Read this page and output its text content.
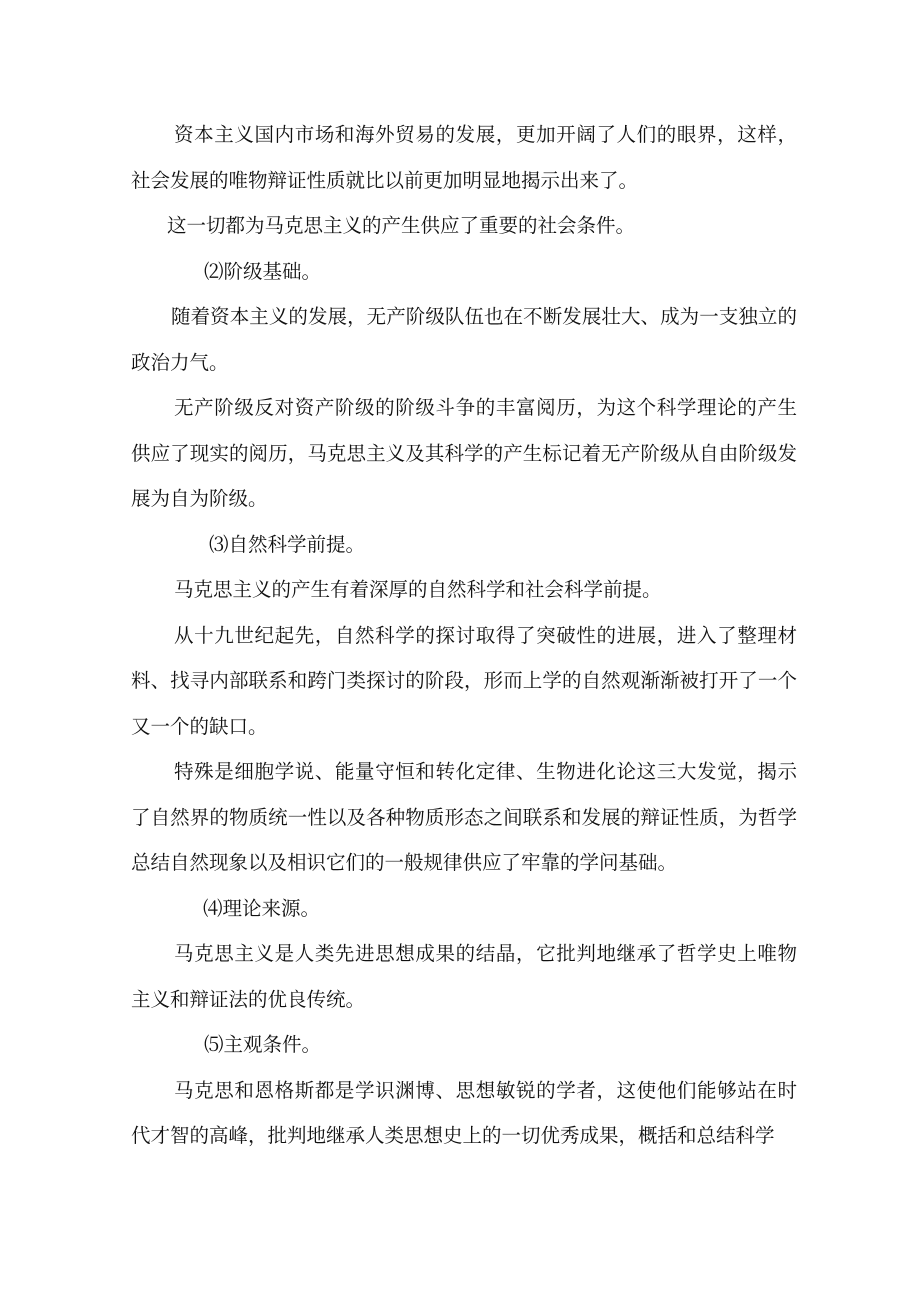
资本主义国内市场和海外贸易的发展，更加开阔了人们的眼界，这样，社会发展的唯物辩证性质就比以前更加明显地揭示出来了。

这一切都为马克思主义的产生供应了重要的社会条件。

⑵阶级基础。

随着资本主义的发展，无产阶级队伍也在不断发展壮大、成为一支独立的政治力气。

无产阶级反对资产阶级的阶级斗争的丰富阅历，为这个科学理论的产生供应了现实的阅历，马克思主义及其科学的产生标记着无产阶级从自由阶级发展为自为阶级。

⑶自然科学前提。

马克思主义的产生有着深厚的自然科学和社会科学前提。

从十九世纪起先，自然科学的探讨取得了突破性的进展，进入了整理材料、找寻内部联系和跨门类探讨的阶段，形而上学的自然观渐渐被打开了一个又一个的缺口。

特殊是细胞学说、能量守恒和转化定律、生物进化论这三大发觉，揭示了自然界的物质统一性以及各种物质形态之间联系和发展的辩证性质，为哲学总结自然现象以及相识它们的一般规律供应了牢靠的学问基础。

⑷理论来源。

马克思主义是人类先进思想成果的结晶，它批判地继承了哲学史上唯物主义和辩证法的优良传统。

⑸主观条件。

马克思和恩格斯都是学识渊博、思想敏锐的学者，这使他们能够站在时代才智的高峰，批判地继承人类思想史上的一切优秀成果，概括和总结科学
